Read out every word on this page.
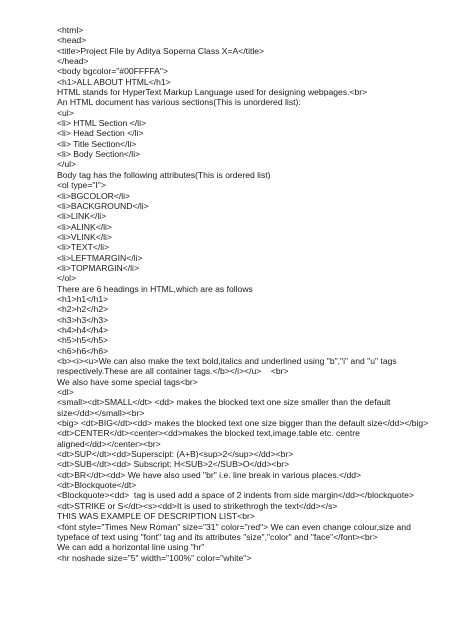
<html>
<head>
<title>Project File by Aditya Soperna Class X=A</title>
</head>
<body bgcolor="#00FFFFA">
<h1>ALL ABOUT HTML</h1>
HTML stands for HyperText Markup Language used for designing webpages.<br>
An HTML document has various sections(This is unordered list):
<ul>
<li> HTML Section </li>
<li> Head Section </li>
<li> Title Section</li>
<li> Body Section</li>
</ul>
Body tag has the following attributes(This is ordered list)
<ol type="I">
<li>BGCOLOR</li>
<li>BACKGROUND</li>
<li>LINK</li>
<li>ALINK</li>
<li>VLINK</li>
<li>TEXT</li>
<li>LEFTMARGIN</li>
<li>TOPMARGIN</li>
</ol>
There are 6 headings in HTML,which are as follows
<h1>h1</h1>
<h2>h2</h2>
<h3>h3</h3>
<h4>h4</h4>
<h5>h5</h5>
<h6>h6</h6>
<b><i><u>We can also make the text bold,italics and underlined using "b","i" and "u" tags
respectively.These are all container tags.</b></i></u>    <br>
We also have some special tags<br>
<dl>
<small><dt>SMALL</dt> <dd> makes the blocked text one size smaller than the default
size</dd></small><br>
<big> <dt>BIG</dt><dd> makes the blocked text one size bigger than the default size</dd></big>
<dt>CENTER</dt><center><dd>makes the blocked text,image.table etc. centre
aligned</dd></center><br>
<dt>SUP</dt><dd>Superscipt: (A+B)<sup>2</sup></dd><br>
<dt>SUB</dt><dd> Subscript: H<SUB>2</SUB>O</dd><br>
<dt>BR</dt><dd> We have also used "br" i.e. line break in various places.</dd>
<dt>Blockquote</dt>
<Blockquote><dd>  tag is used add a space of 2 indents from side margin</dd></blockquote>
<dt>STRIKE or S</dt><s><dd>It is used to strikethrogh the text</dd></s>
THIS WAS EXAMPLE OF DESCRIPTION LIST<br>
<font style="Times New Roman" size="31" color="red"> We can even change colour,size and
typeface of text using "font" tag and its attributes "size","color" and "face"</font><br>
We can add a horizontal line using "hr"
<hr noshade size="5" width="100%" color="white">
